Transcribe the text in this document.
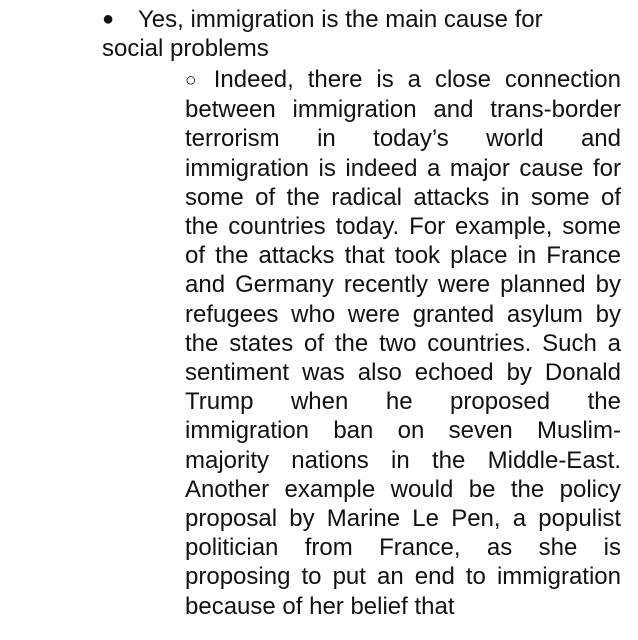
● Yes, immigration is the main cause for
social problems

○ Indeed, there is a close connection between immigration and trans-border terrorism in today’s world and immigration is indeed a major cause for some of the radical attacks in some of the countries today. For example, some of the attacks that took place in France and Germany recently were planned by refugees who were granted asylum by the states of the two countries. Such a sentiment was also echoed by Donald Trump when he proposed the immigration ban on seven Muslim-majority nations in the Middle-East. Another example would be the policy proposal by Marine Le Pen, a populist politician from France, as she is proposing to put an end to immigration because of her belief that
